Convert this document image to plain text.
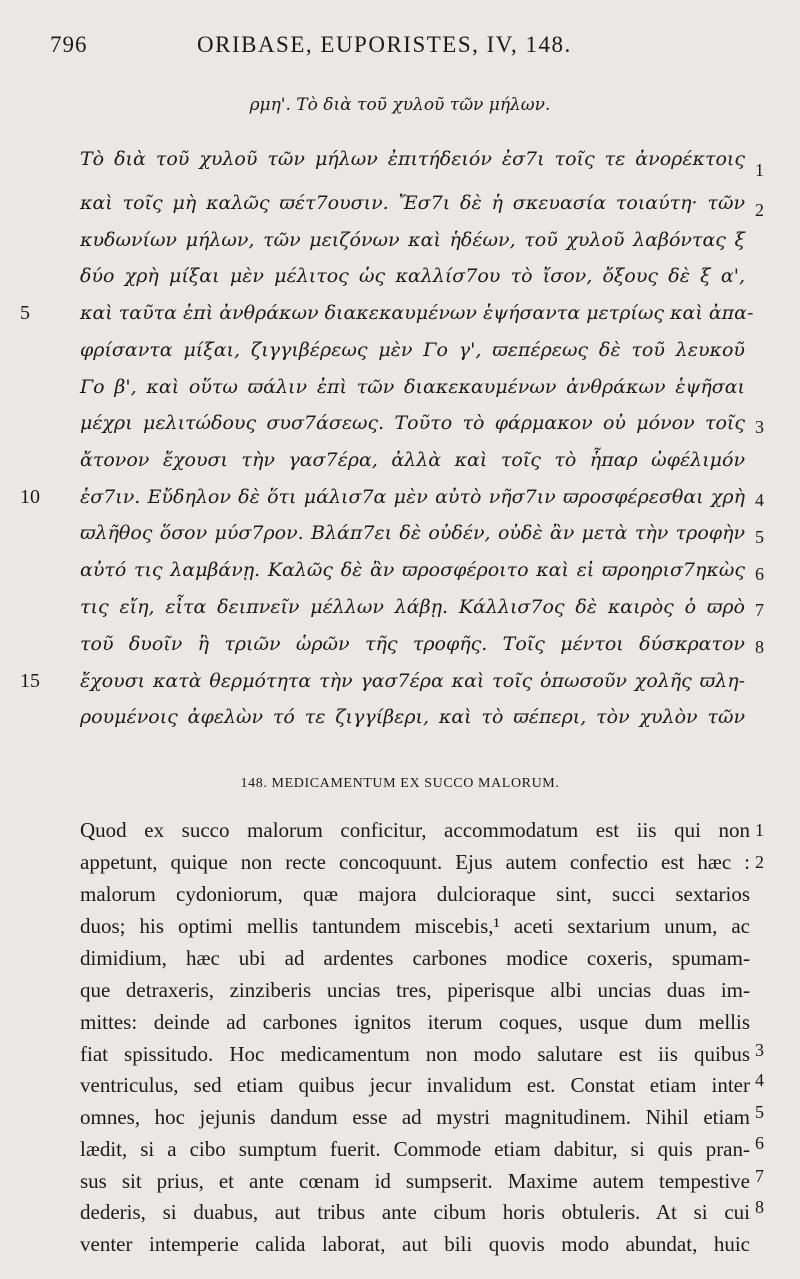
796	ORIBASE, EUPORISTES, IV, 148.
ρμη'. Τὸ διὰ τοῦ χυλοῦ τῶν μήλων.
Τὸ διὰ τοῦ χυλοῦ τῶν μήλων ἐπιτήδειόν ἐσ7ι τοῖς τε ἀνορέκτοις
καὶ τοῖς μὴ καλῶς ϖέτ7ουσιν. Ἔσ7ι δὲ ἡ σκευασία τοιαύτη· τῶν
κυδωνίων μήλων, τῶν μειζόνων καὶ ἡδέων, τοῦ χυλοῦ λαβόντας ξ
δύο χρὴ μίξαι μὲν μέλιτος ὡς καλλίσ7ου τὸ ἴσον, ὄξους δὲ ξ α',
καὶ ταῦτα ἐπὶ ἀνθράκων διακεκαυμένων ἑψήσαντα μετρίως καὶ ἀπα-
φρίσαντα μίξαι, ζιγγιβέρεως μὲν Γο γ', ϖεπέρεως δὲ τοῦ λευκοῦ
Γο β', καὶ οὕτω ϖάλιν ἐπὶ τῶν διακεκαυμένων ἀνθράκων ἑψῆσαι
μέχρι μελιτώδους συσ7άσεως. Τοῦτο τὸ φάρμακον οὐ μόνον τοῖς
ἄτονον ἔχουσι τὴν γασ7έρα, ἀλλὰ καὶ τοῖς τὸ ἧπαρ ὠφέλιμόν
ἐσ7ιν. Εὔδηλον δὲ ὅτι μάλισ7α μὲν αὐτὸ νῆσ7ιν ϖροσφέρεσθαι χρὴ
ϖλῆθος ὅσον μύσ7ρον. Βλάπ7ει δὲ οὐδέν, οὐδὲ ἂν μετὰ τὴν τροφὴν
αὐτό τις λαμβάνῃ. Καλῶς δὲ ἂν ϖροσφέροιτο καὶ εἰ ϖροηρισ7ηκὼς
τις εἴη, εἶτα δειπνεῖν μέλλων λάβῃ. Κάλλισ7ος δὲ καιρὸς ὁ ϖρὸ
τοῦ δυοῖν ἢ τριῶν ὡρῶν τῆς τροφῆς. Τοῖς μέντοι δύσκρατον
ἔχουσι κατὰ θερμότητα τὴν γασ7έρα καὶ τοῖς ὁπωσοῦν χολῆς ϖλη-
ρουμένοις ἀφελὼν τό τε ζιγγίβερι, καὶ τὸ ϖέπερι, τὸν χυλὸν τῶν
1
2
3
4
5
6
7
8
5
10
15
148. MEDICAMENTUM EX SUCCO MALORUM.
Quod ex succo malorum conficitur, accommodatum est iis qui non
appetunt, quique non recte concoquunt. Ejus autem confectio est hæc :
malorum cydoniorum, quæ majora dulcioraque sint, succi sextarios
duos; his optimi mellis tantundem miscebis,¹ aceti sextarium unum, ac
dimidium, hæc ubi ad ardentes carbones modice coxeris, spumam-
que detraxeris, zinziberis uncias tres, piperisque albi uncias duas im-
mittes: deinde ad carbones ignitos iterum coques, usque dum mellis
fiat spissitudo. Hoc medicamentum non modo salutare est iis quibus
ventriculus, sed etiam quibus jecur invalidum est. Constat etiam inter
omnes, hoc jejunis dandum esse ad mystri magnitudinem. Nihil etiam
lædit, si a cibo sumptum fuerit. Commode etiam dabitur, si quis pran-
sus sit prius, et ante cœnam id sumpserit. Maxime autem tempestive
dederis, si duabus, aut tribus ante cibum horis obtuleris. At si cui
venter intemperie calida laborat, aut bili quovis modo abundat, huic
1
2
3
4
5
6
7
8
